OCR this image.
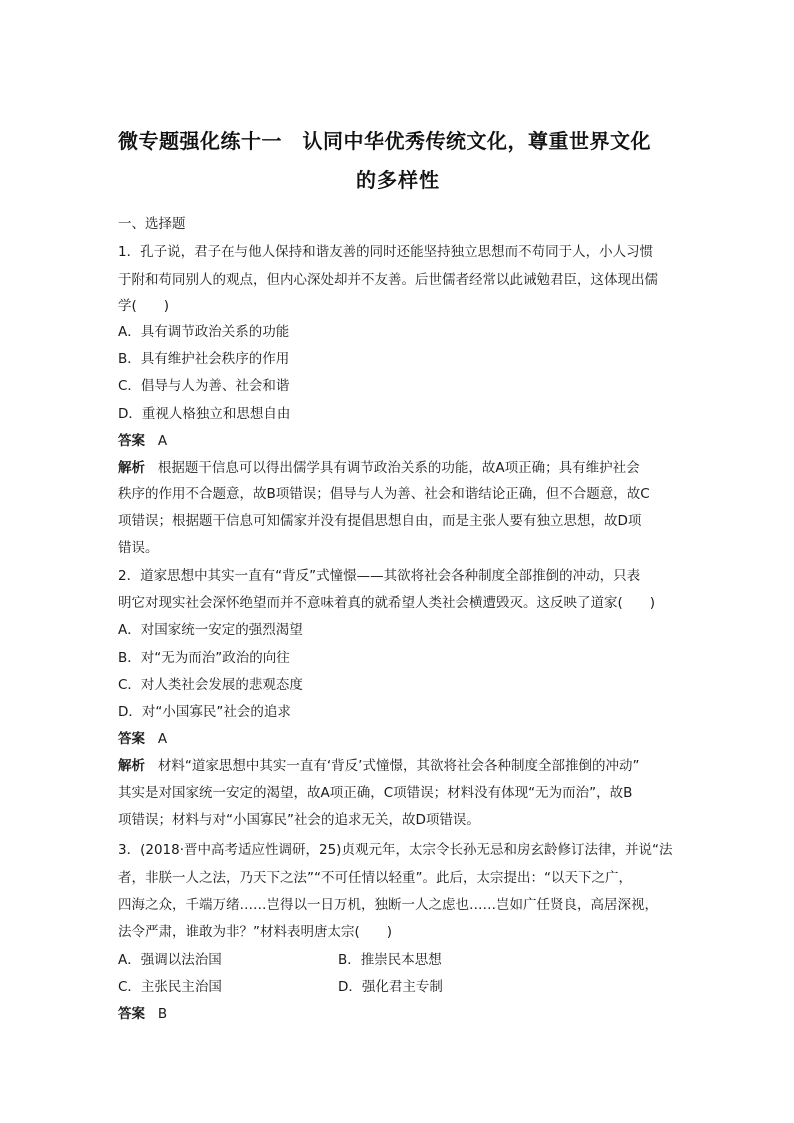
微专题强化练十一　认同中华优秀传统文化，尊重世界文化
的多样性
一、选择题
1．孔子说，君子在与他人保持和谐友善的同时还能坚持独立思想而不苟同于人，小人习惯
于附和苟同别人的观点，但内心深处却并不友善。后世儒者经常以此诫勉君臣，这体现出儒
学(　　)
A．具有调节政治关系的功能
B．具有维护社会秩序的作用
C．倡导与人为善、社会和谐
D．重视人格独立和思想自由
答案 A
解析 根据题干信息可以得出儒学具有调节政治关系的功能，故A项正确；具有维护社会
秩序的作用不合题意，故B项错误；倡导与人为善、社会和谐结论正确，但不合题意，故C
项错误；根据题干信息可知儒家并没有提倡思想自由，而是主张人要有独立思想，故D项
错误。
2．道家思想中其实一直有“背反”式憧憬——其欲将社会各种制度全部推倒的冲动，只表
明它对现实社会深怀绝望而并不意味着真的就希望人类社会横遭毁灭。这反映了道家(　　)
A．对国家统一安定的强烈渴望
B．对“无为而治”政治的向往
C．对人类社会发展的悲观态度
D．对“小国寡民”社会的追求
答案 A
解析 材料“道家思想中其实一直有‘背反’式憧憬，其欲将社会各种制度全部推倒的冲动”
其实是对国家统一安定的渴望，故A项正确，C项错误；材料没有体现“无为而治”，故B
项错误；材料与对“小国寡民”社会的追求无关，故D项错误。
3．(2018·晋中高考适应性调研，25)贞观元年，太宗令长孙无忌和房玄龄修订法律，并说“法
者，非朕一人之法，乃天下之法”“不可任情以轻重”。此后，太宗提出：“以天下之广，
四海之众，千端万绪……岂得以一日万机，独断一人之虑也……岂如广任贤良，高居深视，
法令严肃，谁敢为非？”材料表明唐太宗(　　)
A．强调以法治国	B．推崇民本思想
C．主张民主治国	D．强化君主专制
答案 B
